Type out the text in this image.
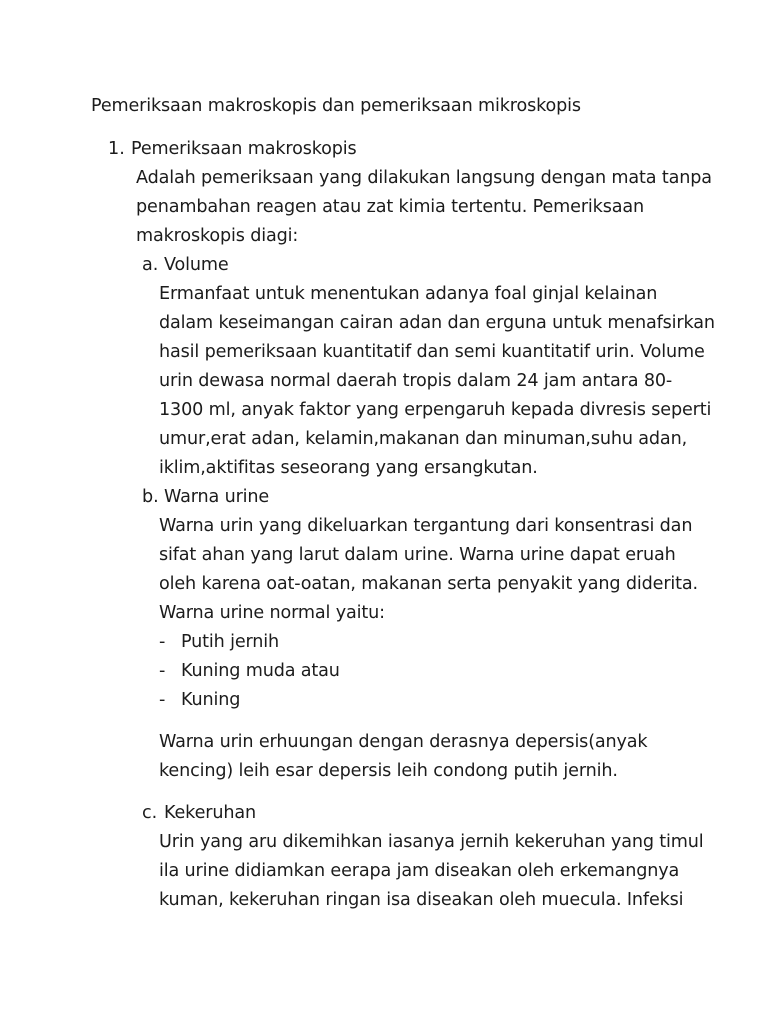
Pemeriksaan makroskopis dan pemeriksaan mikroskopis
1. Pemeriksaan makroskopis
Adalah pemeriksaan yang dilakukan langsung dengan mata tanpa
penambahan reagen atau zat kimia tertentu. Pemeriksaan
makroskopis diagi:
a. Volume
Ermanfaat untuk menentukan adanya foal ginjal kelainan
dalam keseimangan cairan adan dan erguna untuk menafsirkan
hasil pemeriksaan kuantitatif dan semi kuantitatif urin. Volume
urin dewasa normal daerah tropis dalam 24 jam antara 80-
1300 ml, anyak faktor yang erpengaruh kepada divresis seperti
umur,erat adan, kelamin,makanan dan minuman,suhu adan,
iklim,aktifitas seseorang yang ersangkutan.
b. Warna urine
Warna urin yang dikeluarkan tergantung dari konsentrasi dan
sifat ahan yang larut dalam urine. Warna urine dapat eruah
oleh karena oat-oatan, makanan serta penyakit yang diderita.
Warna urine normal yaitu:
- Putih jernih
- Kuning muda atau
- Kuning
Warna urin erhuungan dengan derasnya depersis(anyak
kencing) leih esar depersis leih condong putih jernih.
c. Kekeruhan
Urin yang aru dikemihkan iasanya jernih kekeruhan yang timul
ila urine didiamkan eerapa jam diseakan oleh erkemangnya
kuman, kekeruhan ringan isa diseakan oleh muecula. Infeksi
